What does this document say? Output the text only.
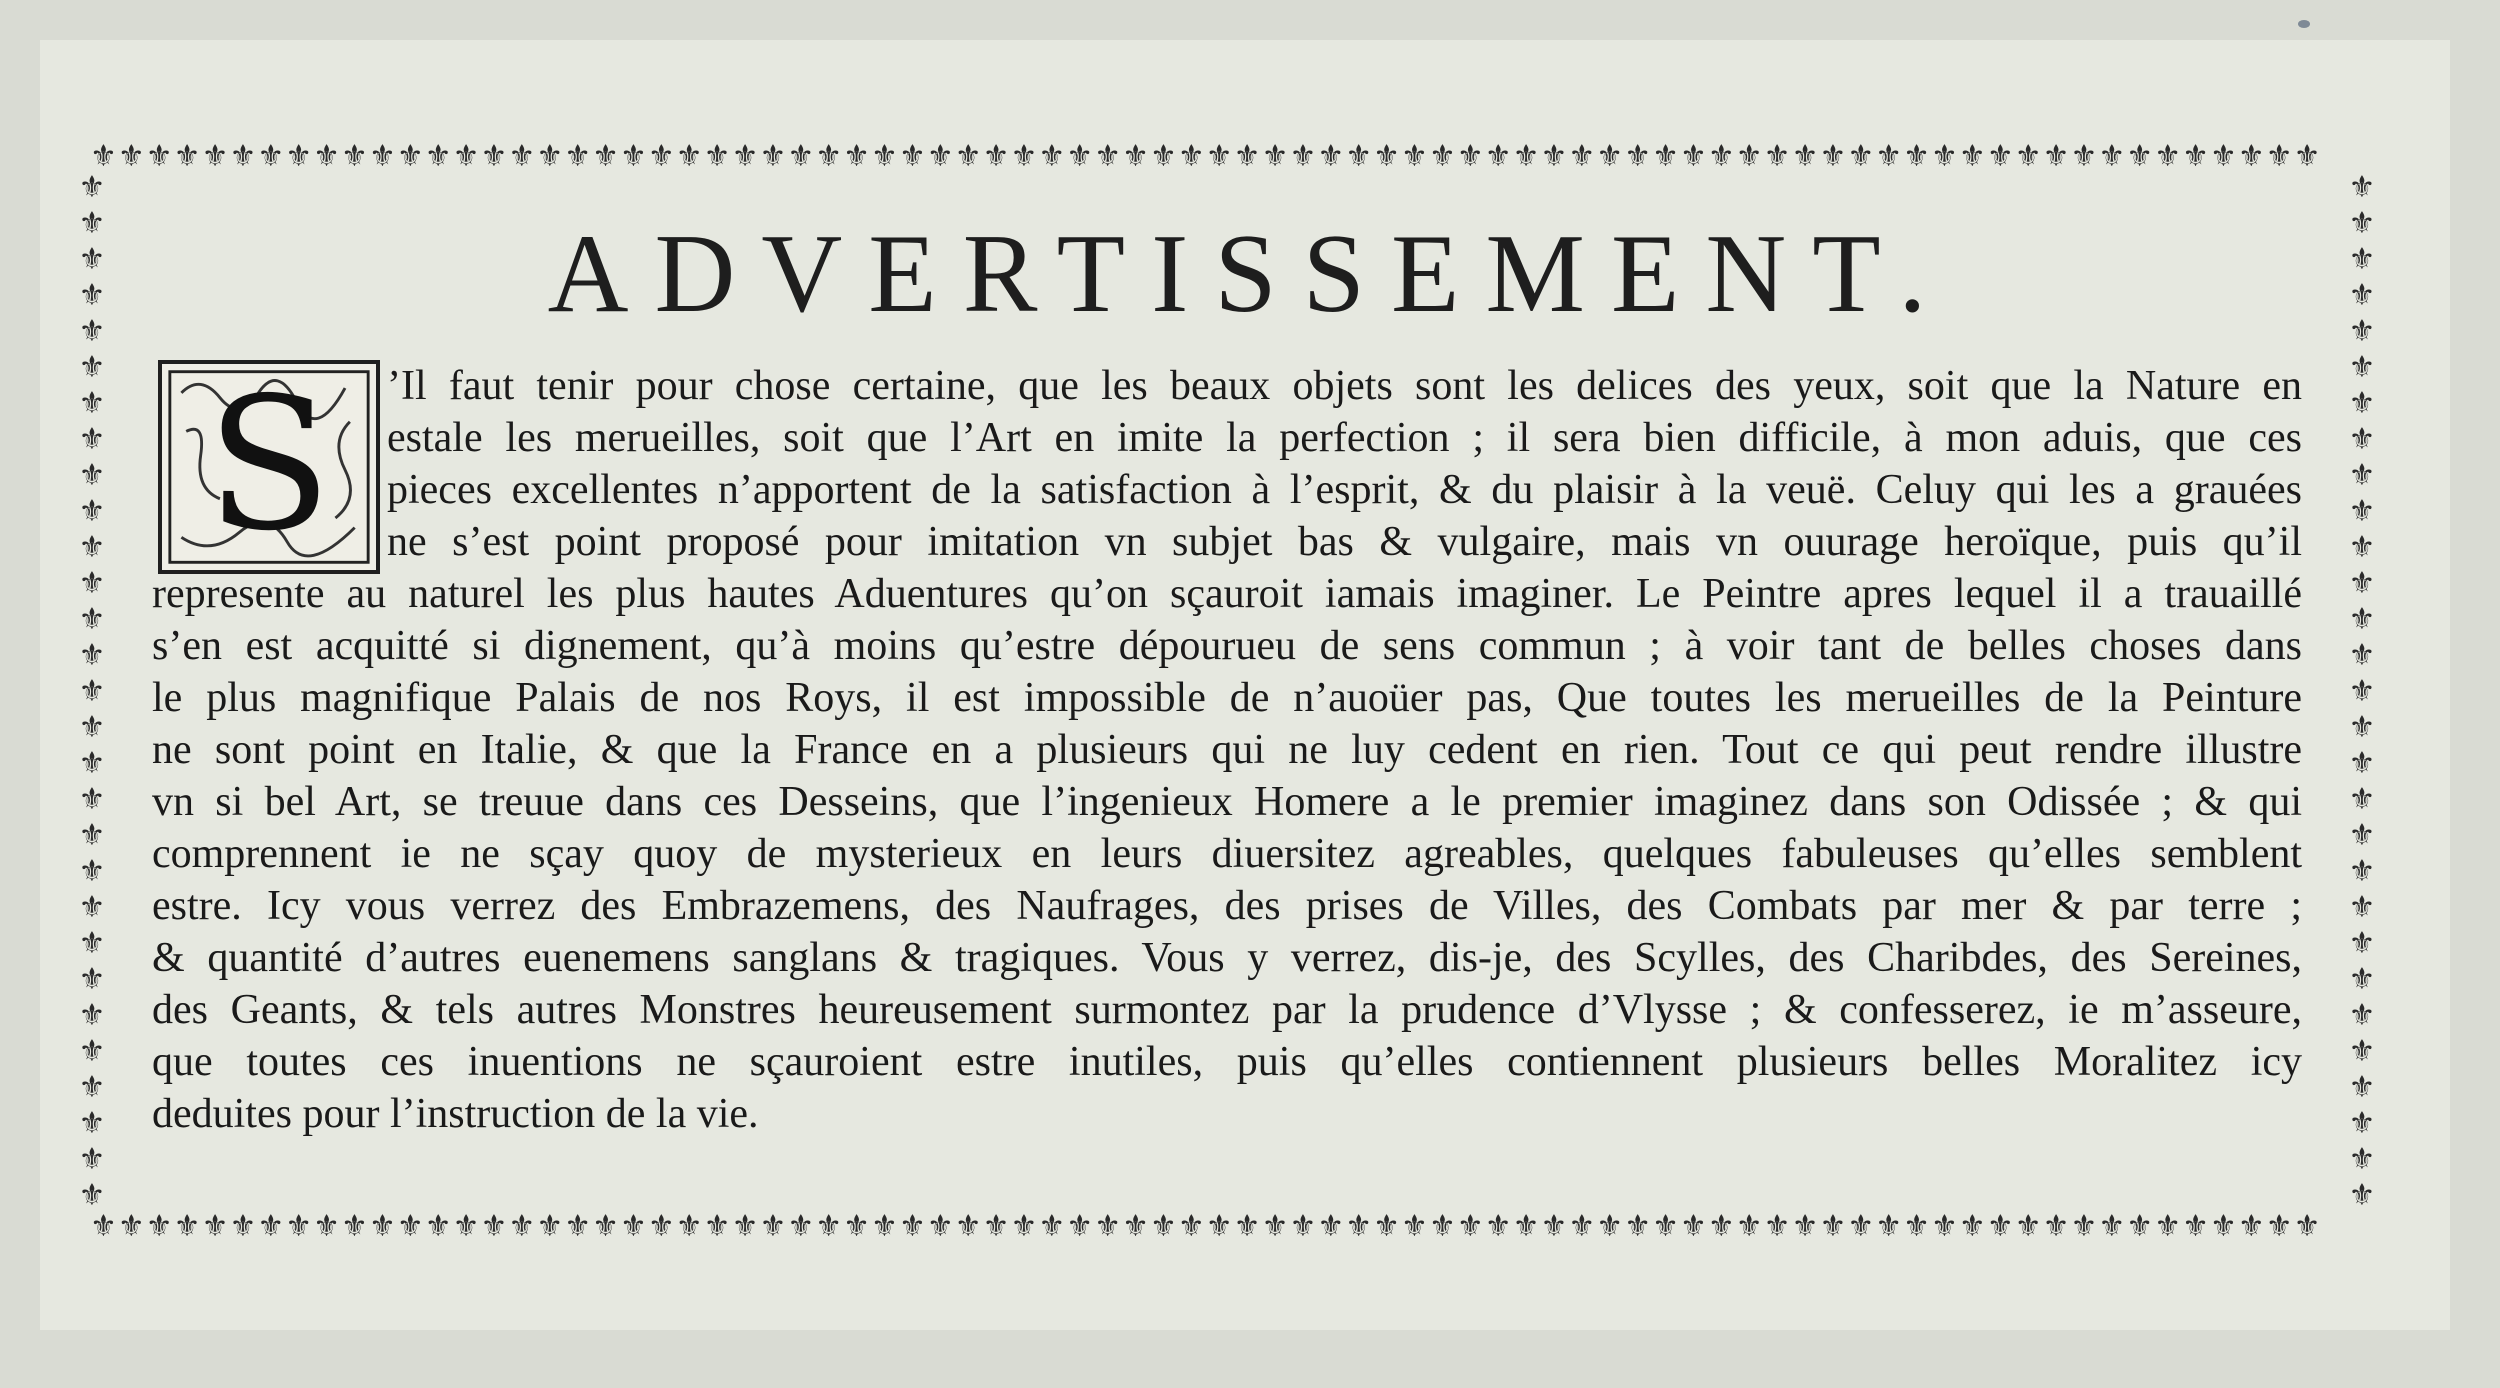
⚜⚜⚜⚜⚜⚜⚜⚜⚜⚜⚜⚜⚜⚜⚜⚜⚜⚜⚜⚜⚜⚜⚜⚜⚜⚜⚜⚜⚜⚜⚜⚜⚜⚜⚜⚜⚜⚜⚜⚜⚜⚜⚜⚜⚜⚜⚜⚜⚜⚜⚜⚜⚜⚜⚜⚜⚜⚜⚜⚜⚜⚜⚜⚜⚜⚜⚜⚜⚜⚜⚜⚜⚜⚜⚜⚜⚜⚜⚜⚜
⚜⚜⚜⚜⚜⚜⚜⚜⚜⚜⚜⚜⚜⚜⚜⚜⚜⚜⚜⚜⚜⚜⚜⚜⚜⚜⚜⚜⚜⚜⚜⚜⚜⚜⚜⚜⚜⚜⚜⚜⚜⚜⚜⚜⚜⚜⚜⚜⚜⚜⚜⚜⚜⚜⚜⚜⚜⚜⚜⚜⚜⚜⚜⚜⚜⚜⚜⚜⚜⚜⚜⚜⚜⚜⚜⚜⚜⚜⚜⚜
⚜⚜⚜⚜⚜⚜⚜⚜⚜⚜⚜⚜⚜⚜⚜⚜⚜⚜⚜⚜⚜⚜⚜⚜⚜⚜⚜⚜⚜
⚜⚜⚜⚜⚜⚜⚜⚜⚜⚜⚜⚜⚜⚜⚜⚜⚜⚜⚜⚜⚜⚜⚜⚜⚜⚜⚜⚜⚜
ADVERTISSEMENT.
S ’Il faut tenir pour chose certaine, que les beaux objets sont les delices des yeux, soit que la Nature en
estale les merueilles, soit que l’Art en imite la perfection ; il sera bien difficile, à mon aduis, que ces
pieces excellentes n’apportent de la satisfaction à l’esprit, & du plaisir à la veuë. Celuy qui les a grauées
ne s’est point proposé pour imitation vn subjet bas & vulgaire, mais vn ouurage heroïque, puis qu’il
represente au naturel les plus hautes Aduentures qu’on sçauroit iamais imaginer. Le Peintre apres lequel il a trauaillé
s’en est acquitté si dignement, qu’à moins qu’estre dépourueu de sens commun ; à voir tant de belles choses dans
le plus magnifique Palais de nos Roys, il est impossible de n’auoüer pas, Que toutes les merueilles de la Peinture
ne sont point en Italie, & que la France en a plusieurs qui ne luy cedent en rien. Tout ce qui peut rendre illustre
vn si bel Art, se treuue dans ces Desseins, que l’ingenieux Homere a le premier imaginez dans son Odissée ; & qui
comprennent ie ne sçay quoy de mysterieux en leurs diuersitez agreables, quelques fabuleuses qu’elles semblent
estre. Icy vous verrez des Embrazemens, des Naufrages, des prises de Villes, des Combats par mer & par terre ;
& quantité d’autres euenemens sanglans & tragiques. Vous y verrez, dis-je, des Scylles, des Charibdes, des Sereines,
des Geants, & tels autres Monstres heureusement surmontez par la prudence d’Vlysse ; & confesserez, ie m’asseure,
que toutes ces inuentions ne sçauroient estre inutiles, puis qu’elles contiennent plusieurs belles Moralitez icy
deduites pour l’instruction de la vie.
